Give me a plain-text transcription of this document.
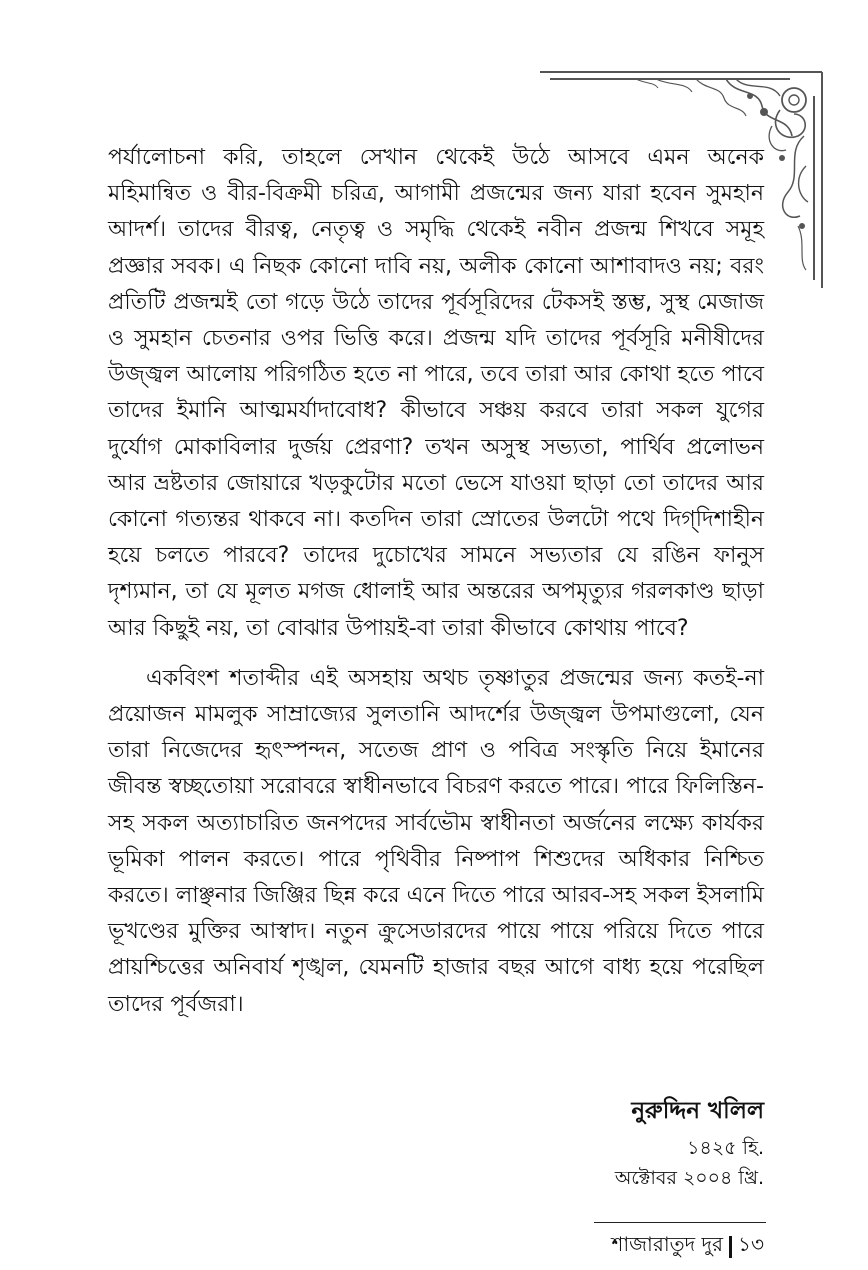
পর্যালোচনা করি, তাহলে সেখান থেকেই উঠে আসবে এমন অনেক মহিমান্বিত ও বীর-বিক্রমী চরিত্র, আগামী প্রজন্মের জন্য যারা হবেন সুমহান আদর্শ। তাদের বীরত্ব, নেতৃত্ব ও সমৃদ্ধি থেকেই নবীন প্রজন্ম শিখবে সমূহ প্রজ্ঞার সবক। এ নিছক কোনো দাবি নয়, অলীক কোনো আশাবাদও নয়; বরং প্রতিটি প্রজন্মই তো গড়ে উঠে তাদের পূর্বসূরিদের টেকসই স্তম্ভ, সুস্থ মেজাজ ও সুমহান চেতনার ওপর ভিত্তি করে। প্রজন্ম যদি তাদের পূর্বসূরি মনীষীদের উজ্জ্বল আলোয় পরিগঠিত হতে না পারে, তবে তারা আর কোথা হতে পাবে তাদের ইমানি আত্মমর্যাদাবোধ? কীভাবে সঞ্চয় করবে তারা সকল যুগের দুর্যোগ মোকাবিলার দুর্জয় প্রেরণা? তখন অসুস্থ সভ্যতা, পার্থিব প্রলোভন আর ভ্রষ্টতার জোয়ারে খড়কুটোর মতো ভেসে যাওয়া ছাড়া তো তাদের আর কোনো গত্যন্তর থাকবে না। কতদিন তারা স্রোতের উলটো পথে দিগ্‌দিশাহীন হয়ে চলতে পারবে? তাদের দুচোখের সামনে সভ্যতার যে রঙিন ফানুস দৃশ্যমান, তা যে মূলত মগজ ধোলাই আর অন্তরের অপমৃত্যুর গরলকাণ্ড ছাড়া আর কিছুই নয়, তা বোঝার উপায়ই-বা তারা কীভাবে কোথায় পাবে?

একবিংশ শতাব্দীর এই অসহায় অথচ তৃষ্ণাতুর প্রজন্মের জন্য কতই-না প্রয়োজন মামলুক সাম্রাজ্যের সুলতানি আদর্শের উজ্জ্বল উপমাগুলো, যেন তারা নিজেদের হৃৎস্পন্দন, সতেজ প্রাণ ও পবিত্র সংস্কৃতি নিয়ে ইমানের জীবন্ত স্বচ্ছতোয়া সরোবরে স্বাধীনভাবে বিচরণ করতে পারে। পারে ফিলিস্তিন-সহ সকল অত্যাচারিত জনপদের সার্বভৌম স্বাধীনতা অর্জনের লক্ষ্যে কার্যকর ভূমিকা পালন করতে। পারে পৃথিবীর নিষ্পাপ শিশুদের অধিকার নিশ্চিত করতে। লাঞ্ছনার জিঞ্জির ছিন্ন করে এনে দিতে পারে আরব-সহ সকল ইসলামি ভূখণ্ডের মুক্তির আস্বাদ। নতুন ক্রুসেডারদের পায়ে পায়ে পরিয়ে দিতে পারে প্রায়শ্চিত্তের অনিবার্য শৃঙ্খল, যেমনটি হাজার বছর আগে বাধ্য হয়ে পরেছিল তাদের পূর্বজরা।

নুরুদ্দিন খলিল
১৪২৫ হি.
অক্টোবর ২০০৪ খ্রি.
শাজারাতুদ দুর ১৩
